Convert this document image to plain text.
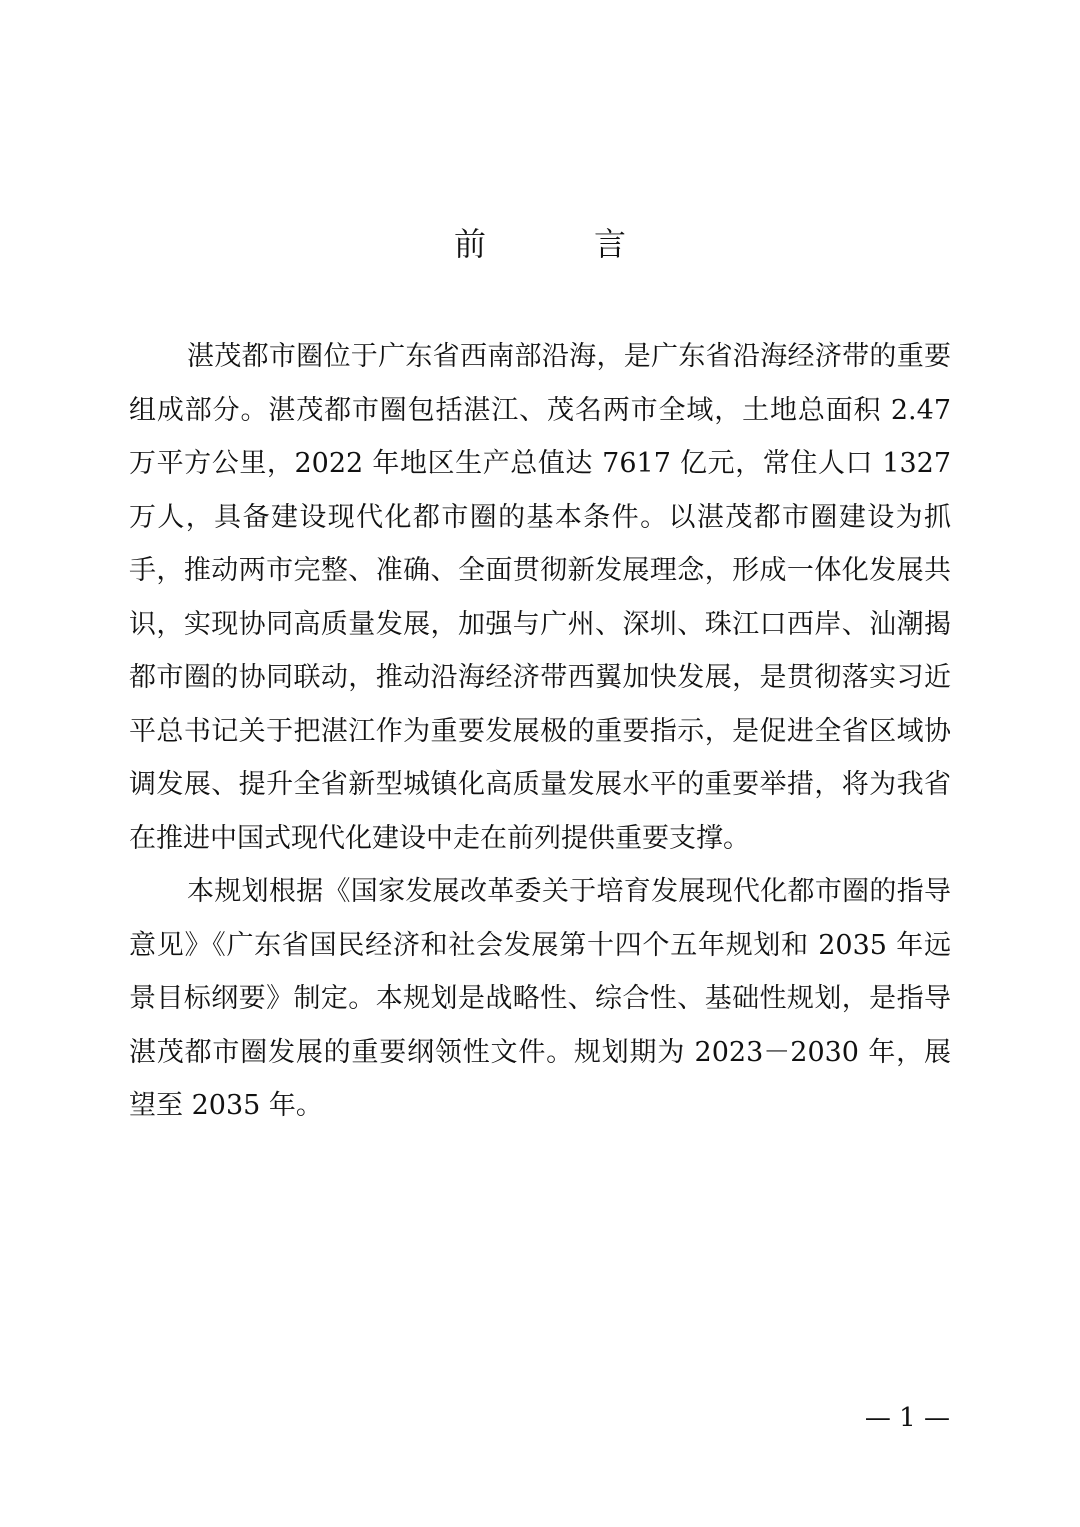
前　言

湛茂都市圈位于广东省西南部沿海，是广东省沿海经济带的重要组成部分。湛茂都市圈包括湛江、茂名两市全域，土地总面积 2.47 万平方公里，2022 年地区生产总值达 7617 亿元，常住人口 1327 万人，具备建设现代化都市圈的基本条件。以湛茂都市圈建设为抓手，推动两市完整、准确、全面贯彻新发展理念，形成一体化发展共识，实现协同高质量发展，加强与广州、深圳、珠江口西岸、汕潮揭都市圈的协同联动，推动沿海经济带西翼加快发展，是贯彻落实习近平总书记关于把湛江作为重要发展极的重要指示，是促进全省区域协调发展、提升全省新型城镇化高质量发展水平的重要举措，将为我省在推进中国式现代化建设中走在前列提供重要支撑。

本规划根据《国家发展改革委关于培育发展现代化都市圈的指导意见》《广东省国民经济和社会发展第十四个五年规划和 2035 年远景目标纲要》制定。本规划是战略性、综合性、基础性规划，是指导湛茂都市圈发展的重要纲领性文件。规划期为 2023－2030 年，展望至 2035 年。

— 1 —
